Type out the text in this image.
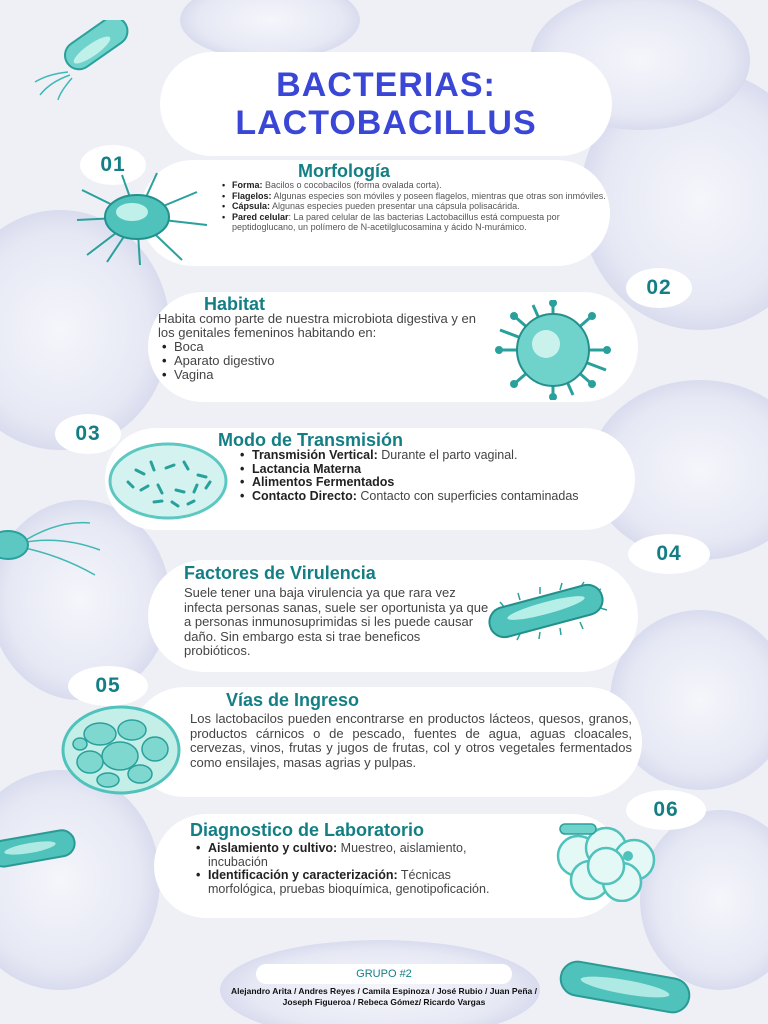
BACTERIAS:
LACTOBACILLUS
01	Morfología
• Forma: Bacilos o cocobacilos (forma ovalada corta).
• Flagelos: Algunas especies son móviles y poseen flagelos, mientras que otras son inmóviles.
• Cápsula: Algunas especies pueden presentar una cápsula polisacárida.
• Pared celular: La pared celular de las bacterias Lactobacillus está compuesta por peptidoglucano, un polímero de N-acetilglucosamina y ácido N-murámico.
02
Habitat
Habita como parte de nuestra microbiota digestiva y en los genitales femeninos habitando en:
• Boca
• Aparato digestivo
• Vagina
03	Modo de Transmisión
• Transmisión Vertical: Durante el parto vaginal.
• Lactancia Materna
• Alimentos Fermentados
• Contacto Directo: Contacto con superficies contaminadas
04
Factores de Virulencia
Suele tener una baja virulencia ya que rara vez infecta personas sanas, suele ser oportunista ya que a personas inmunosuprimidas si les puede causar daño. Sin embargo esta si trae beneficos probióticos.
05
Vías de Ingreso
Los lactobacilos pueden encontrarse en productos lácteos, quesos, granos, productos cárnicos o de pescado, fuentes de agua, aguas cloacales, cervezas, vinos, frutas y jugos de frutas, col y otros vegetales fermentados como ensilajes, masas agrias y pulpas.
06
Diagnostico de Laboratorio
• Aislamiento y cultivo: Muestreo, aislamiento, incubación
• Identificación y caracterización: Técnicas morfológica, pruebas bioquímica, genotipoficación.
GRUPO #2
Alejandro Arita / Andres Reyes / Camila Espinoza / José Rubio / Juan Peña /
Joseph Figueroa / Rebeca Gómez/ Ricardo Vargas
